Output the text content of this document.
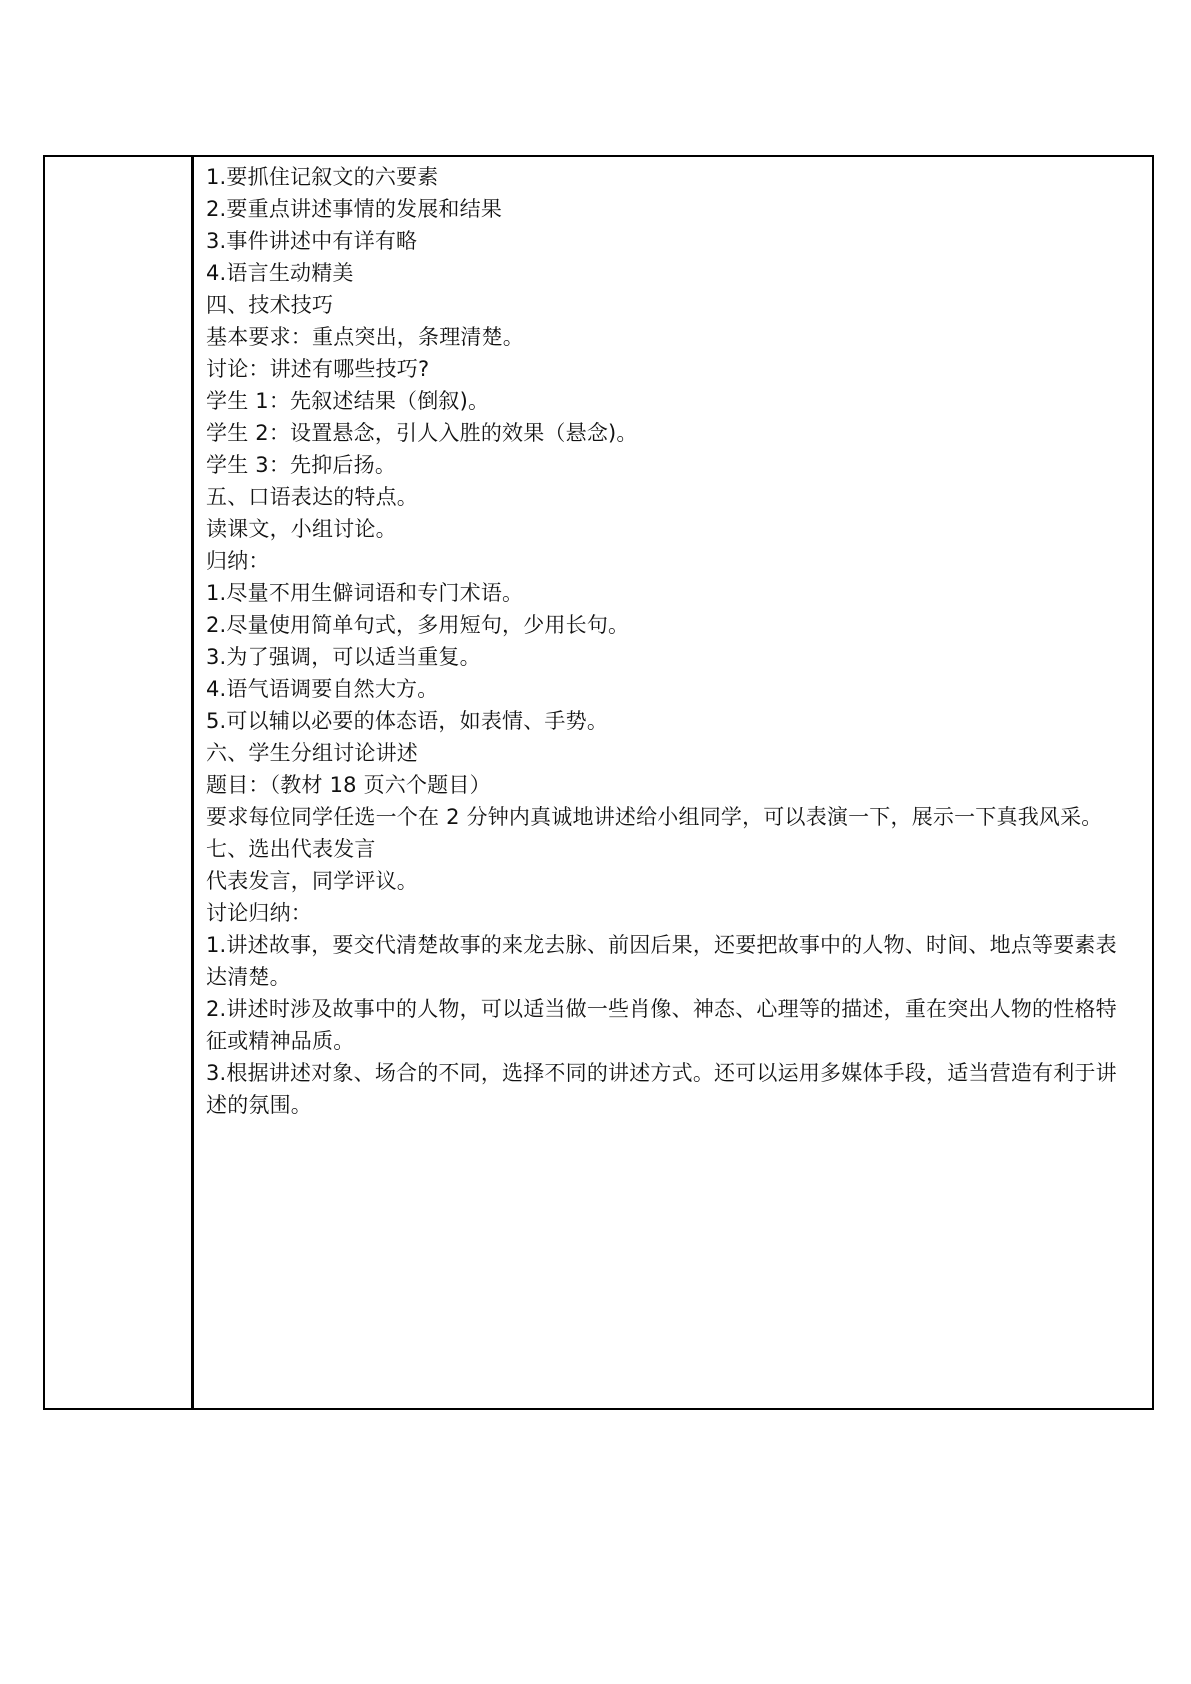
1.要抓住记叙文的六要素

2.要重点讲述事情的发展和结果

3.事件讲述中有详有略

4.语言生动精美

四、技术技巧

基本要求：重点突出，条理清楚。

讨论：讲述有哪些技巧?

学生 1：先叙述结果（倒叙)。

学生 2：设置悬念，引人入胜的效果（悬念)。

学生 3：先抑后扬。

五、口语表达的特点。

读课文，小组讨论。

归纳：

1.尽量不用生僻词语和专门术语。

2.尽量使用简单句式，多用短句，少用长句。

3.为了强调，可以适当重复。

4.语气语调要自然大方。

5.可以辅以必要的体态语，如表情、手势。

六、学生分组讨论讲述

题目：（教材 18 页六个题目）

要求每位同学任选一个在 2 分钟内真诚地讲述给小组同学，可以表演一下，展示一下真我风采。

七、选出代表发言

代表发言，同学评议。

讨论归纳：

1.讲述故事，要交代清楚故事的来龙去脉、前因后果，还要把故事中的人物、时间、地点等要素表达清楚。

2.讲述时涉及故事中的人物，可以适当做一些肖像、神态、心理等的描述，重在突出人物的性格特征或精神品质。

3.根据讲述对象、场合的不同，选择不同的讲述方式。还可以运用多媒体手段，适当营造有利于讲述的氛围。
